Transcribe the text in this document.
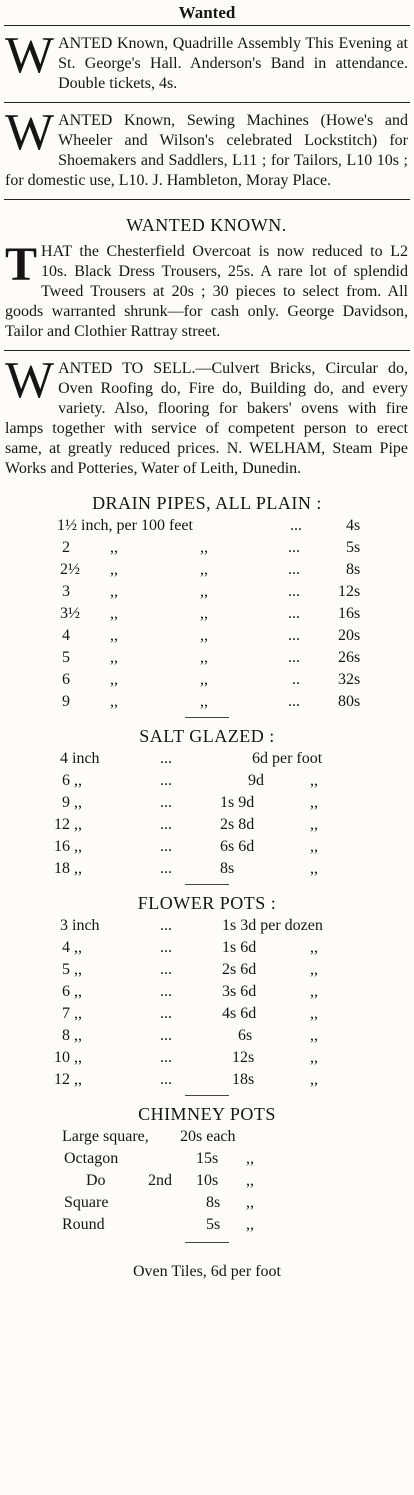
Wanted
W ANTED Known, Quadrille Assembly This Evening at St. George's Hall. Anderson's Band in attendance. Double tickets, 4s.

W ANTED Known, Sewing Machines (Howe's and Wheeler and Wilson's celebrated Lockstitch) for Shoemakers and Saddlers, L11 ; for Tailors, L10 10s ; for domestic use, L10. J. Hambleton, Moray Place.

WANTED KNOWN.
T HAT the Chesterfield Overcoat is now reduced to L2 10s. Black Dress Trousers, 25s. A rare lot of splendid Tweed Trousers at 20s ; 30 pieces to select from. All goods warranted shrunk—for cash only. George Davidson, Tailor and Clothier Rattray street.

W ANTED TO SELL.—Culvert Bricks, Circular do, Oven Roofing do, Fire do, Building do, and every variety. Also, flooring for bakers' ovens with fire lamps together with service of competent person to erect same, at greatly reduced prices. N. WELHAM, Steam Pipe Works and Potteries, Water of Leith, Dunedin.

DRAIN PIPES, ALL PLAIN :
1½ inch, per 100 feet	...	4s
2	,,	,,	...	5s
2½ ,,	,,	...	8s
3	,,	,,	... 12s
3½ ,,	,,	... 16s
4	,,	,,	... 20s
5	,,	,,	... 26s
6	,,	,,	.. 32s
9	,,	,,	... 80s
SALT GLAZED :
4 inch	...	6d per foot
6 ,,	...	9d	,,
9 ,,	...	1s 9d	,,
12 ,,	...	2s 8d	,,
16 ,,	...	6s 6d	,,
18 ,,	...	8s	,,
FLOWER POTS :
3 inch	...	1s 3d per dozen
4 ,,	...	1s 6d	,,
5 ,,	...	2s 6d	,,
6 ,,	...	3s 6d	,,
7 ,,	...	4s 6d	,,
8 ,,	...	6s	,,
10 ,,	...	12s	,,
12 ,,	...	18s	,,
CHIMNEY POTS
Large square, 20s each
Octagon	15s ,,
Do	2nd 10s ,,
Square	8s ,,
Round	5s ,,
Oven Tiles, 6d per foot
